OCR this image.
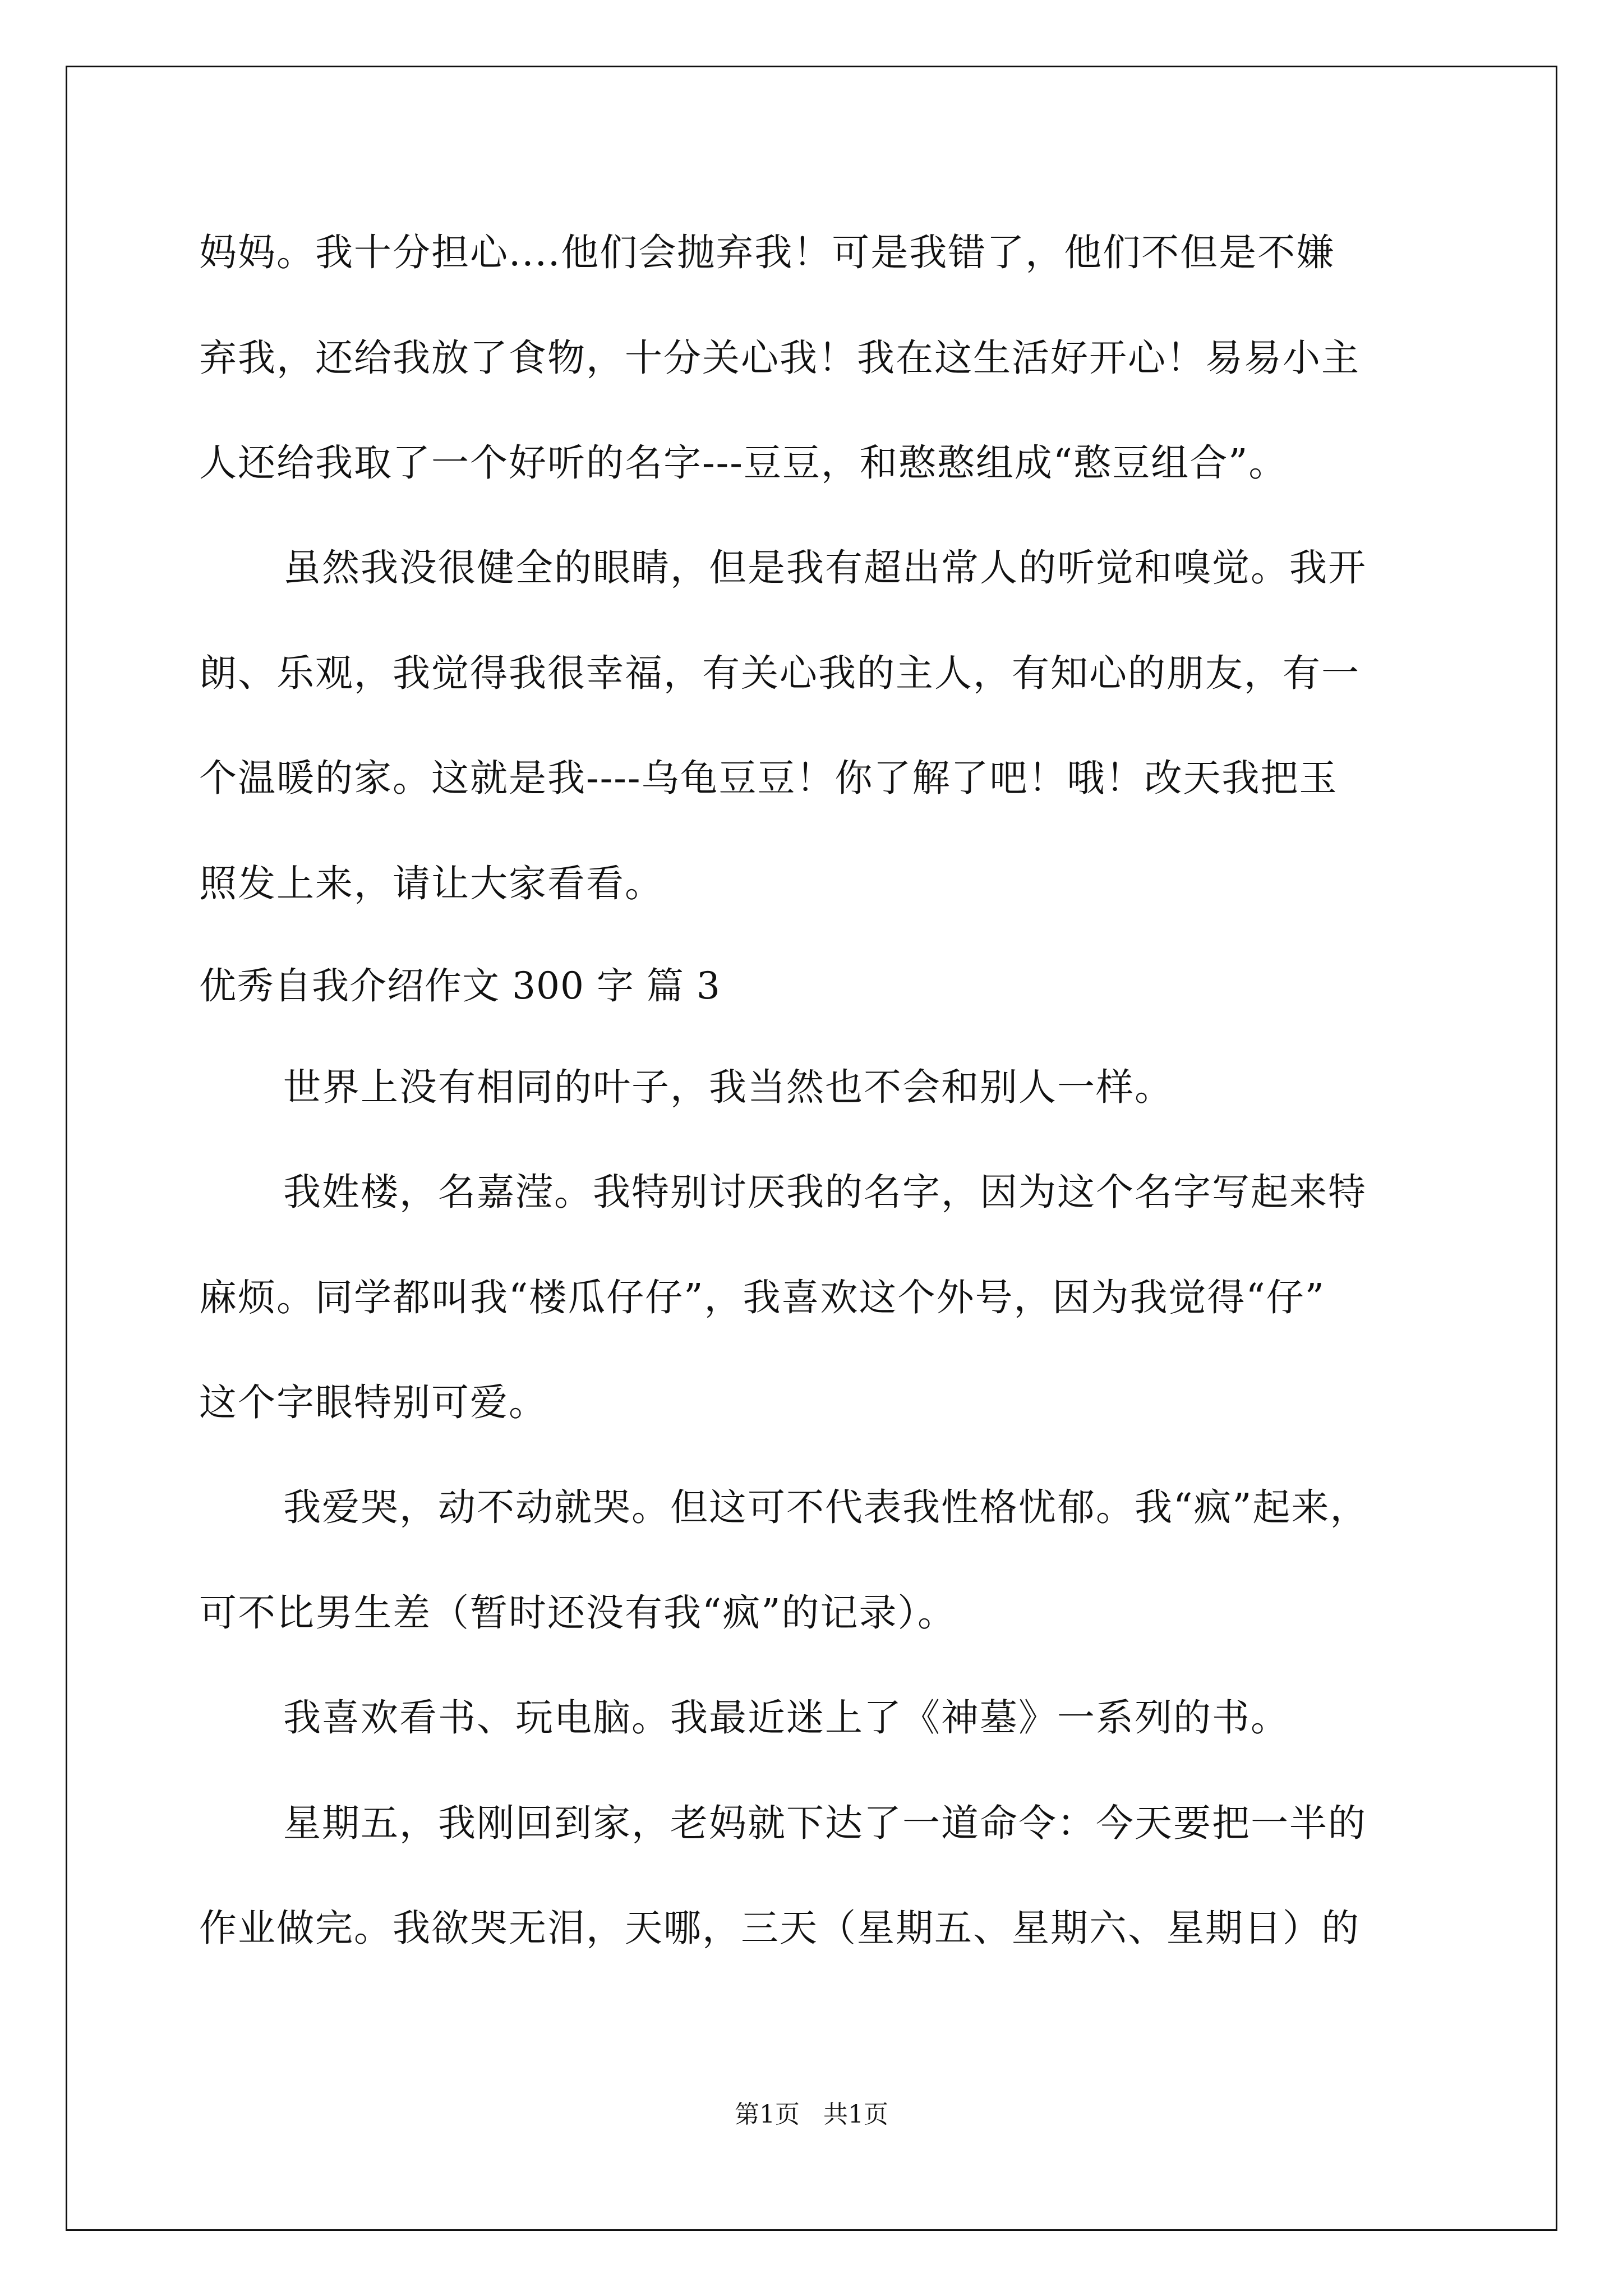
妈妈。我十分担心....他们会抛弃我！可是我错了，他们不但是不嫌
弃我，还给我放了食物，十分关心我！我在这生活好开心！易易小主
人还给我取了一个好听的名字---豆豆，和憨憨组成“憨豆组合”。
虽然我没很健全的眼睛，但是我有超出常人的听觉和嗅觉。我开
朗、乐观，我觉得我很幸福，有关心我的主人，有知心的朋友，有一
个温暖的家。这就是我----乌龟豆豆！你了解了吧！哦！改天我把玉
照发上来，请让大家看看。
优秀自我介绍作文 300 字 篇 3
世界上没有相同的叶子，我当然也不会和别人一样。
我姓楼，名嘉滢。我特别讨厌我的名字，因为这个名字写起来特
麻烦。同学都叫我“楼瓜仔仔”，我喜欢这个外号，因为我觉得“仔”
这个字眼特别可爱。
我爱哭，动不动就哭。但这可不代表我性格忧郁。我“疯”起来，
可不比男生差（暂时还没有我“疯”的记录）。
我喜欢看书、玩电脑。我最近迷上了《神墓》一系列的书。
星期五，我刚回到家，老妈就下达了一道命令：今天要把一半的
作业做完。我欲哭无泪，天哪，三天（星期五、星期六、星期日）的
第1页   共1页
